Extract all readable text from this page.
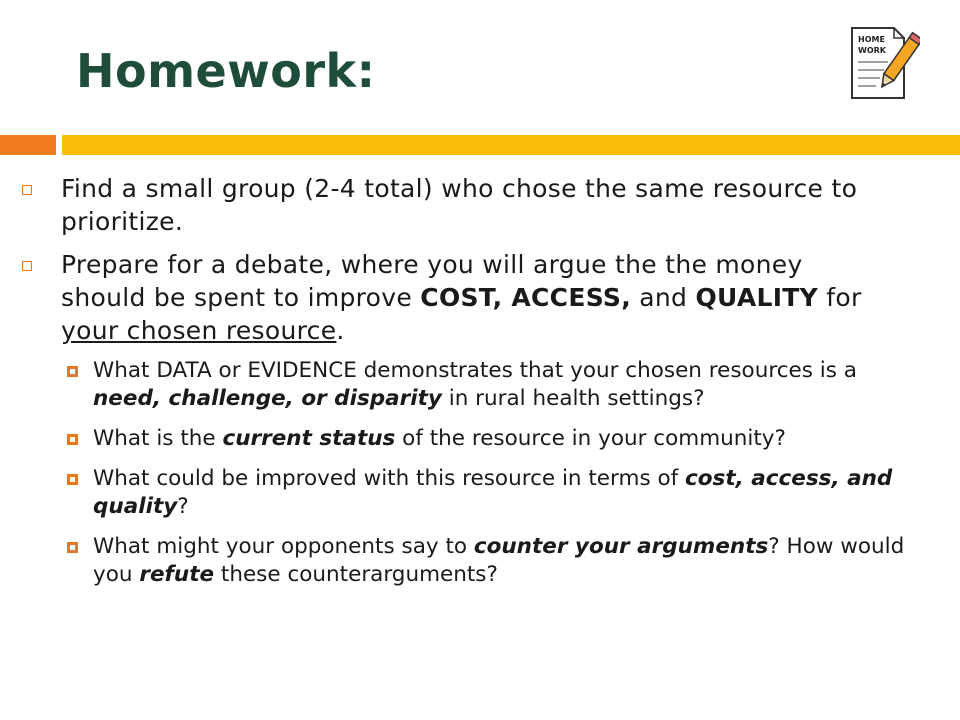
Homework:
HOME
WORK
Find a small group (2-4 total) who chose the same resource to prioritize.
Prepare for a debate, where you will argue the the money should be spent to improve COST, ACCESS, and QUALITY for your chosen resource.
What DATA or EVIDENCE demonstrates that your chosen resources is a need, challenge, or disparity in rural health settings?
What is the current status of the resource in your community?
What could be improved with this resource in terms of cost, access, and quality?
What might your opponents say to counter your arguments? How would you refute these counterarguments?
